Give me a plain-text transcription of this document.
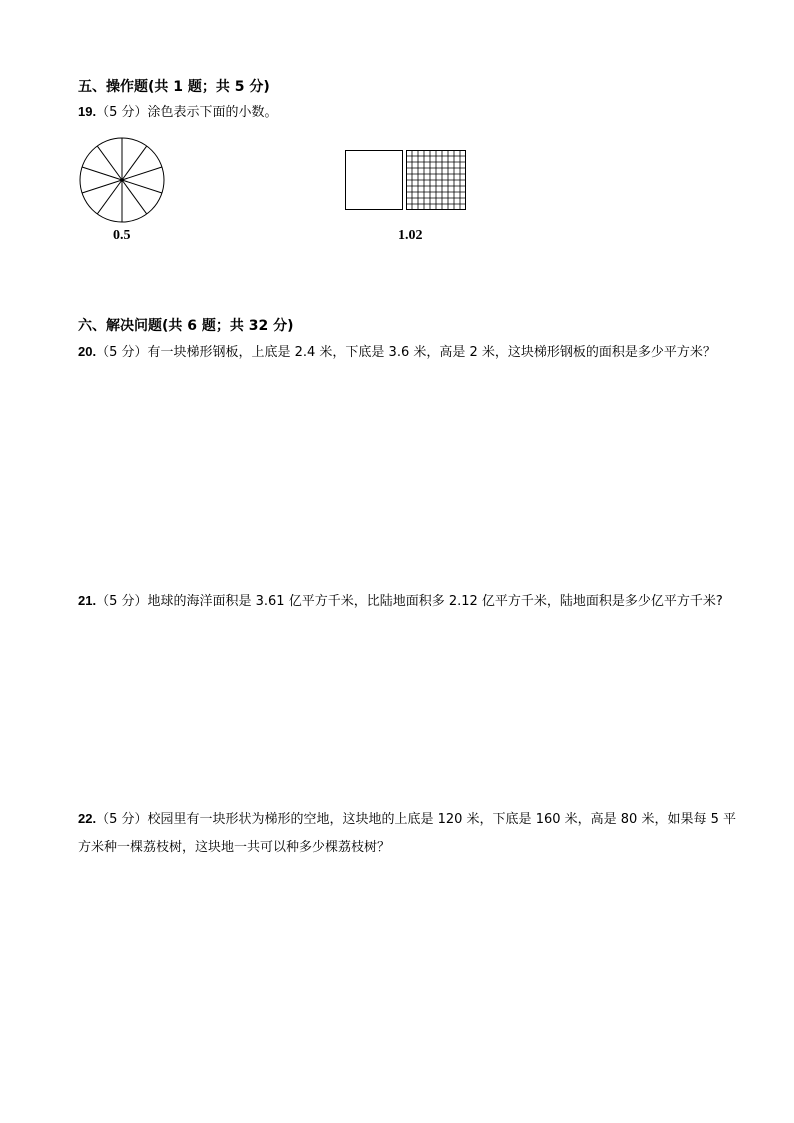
五、操作题(共 1 题；共 5 分)
19.（5 分）涂色表示下面的小数。
0.5	1.02
六、解决问题(共 6 题；共 32 分)
20.（5 分）有一块梯形钢板，上底是 2.4 米，下底是 3.6 米，高是 2 米，这块梯形钢板的面积是多少平方米？
21.（5 分）地球的海洋面积是 3.61 亿平方千米，比陆地面积多 2.12 亿平方千米，陆地面积是多少亿平方千米?
22.（5 分）校园里有一块形状为梯形的空地，这块地的上底是 120 米，下底是 160 米，高是 80 米，如果每 5 平方米种一棵荔枝树，这块地一共可以种多少棵荔枝树？
